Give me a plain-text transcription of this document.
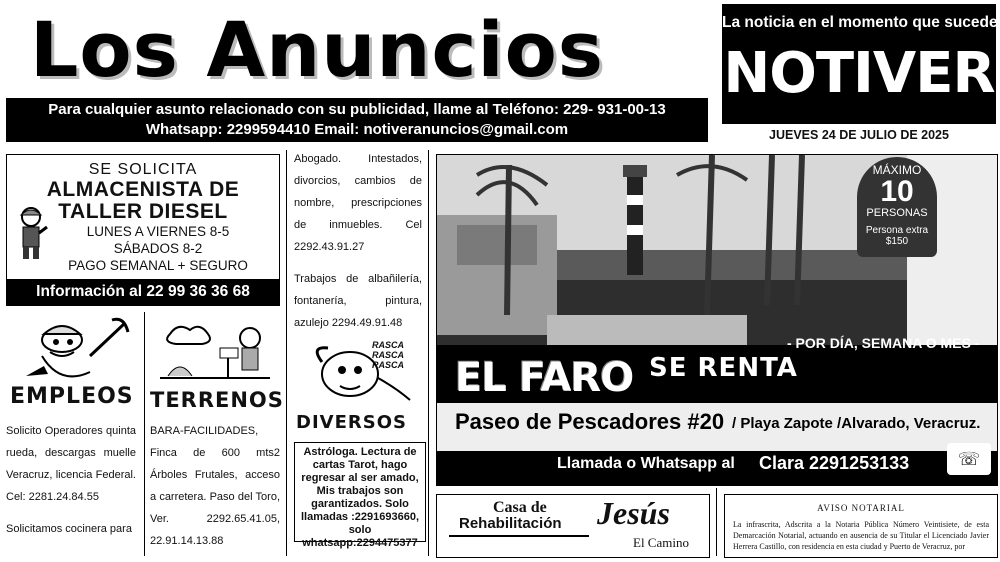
Los Anuncios
Para cualquier asunto relacionado con su publicidad, llame al Teléfono: 229- 931-00-13
Whatsapp: 2299594410 Email: notiveranuncios@gmail.com
La noticia en el momento que sucede
NOTIVER
JUEVES 24 DE JULIO DE 2025
SE SOLICITA
ALMACENISTA DE
TALLER DIESEL
LUNES A VIERNES 8-5
SÁBADOS 8-2
PAGO SEMANAL + SEGURO
Información al 22 99 36 36 68
EMPLEOS

Solicito Operadores quinta rueda, descargas muelle Veracruz, licencia Federal. Cel: 2281.24.84.55

Solicitamos cocinera para

TERRENOS

BARA-FACILIDADES, Finca de 600 mts2 Árboles Frutales, acceso a carretera. Paso del Toro, Ver. 2292.65.41.05, 22.91.14.13.88

Abogado. Intestados, divorcios, cambios de nombre, prescripciones de inmuebles. Cel 2292.43.91.27

Trabajos de albañilería, fontanería, pintura, azulejo 2294.49.91.48

RASCA RASCA RASCA
DIVERSOS
Astróloga. Lectura de cartas Tarot, hago regresar al ser amado, Mis trabajos son garantizados. Solo llamadas :2291693660, solo whatsapp:2294475377
MÁXIMO
10
PERSONAS
Persona extra $150
EL FARO SE RENTA
- POR DÍA, SEMANA O MES -
Paseo de Pescadores #20 / Playa Zapote /Alvarado, Veracruz.
Llamada o Whatsapp al Clara 2291253133	☏
Casa de
Rehabilitación Jesús
El Camino
AVISO NOTARIAL
La infrascrita, Adscrita a la Notaria Pública Número Veintisiete, de esta Demarcación Notarial, actuando en ausencia de su Titular el Licenciado Javier Herrera Castillo, con residencia en esta ciudad y Puerto de Veracruz, por
